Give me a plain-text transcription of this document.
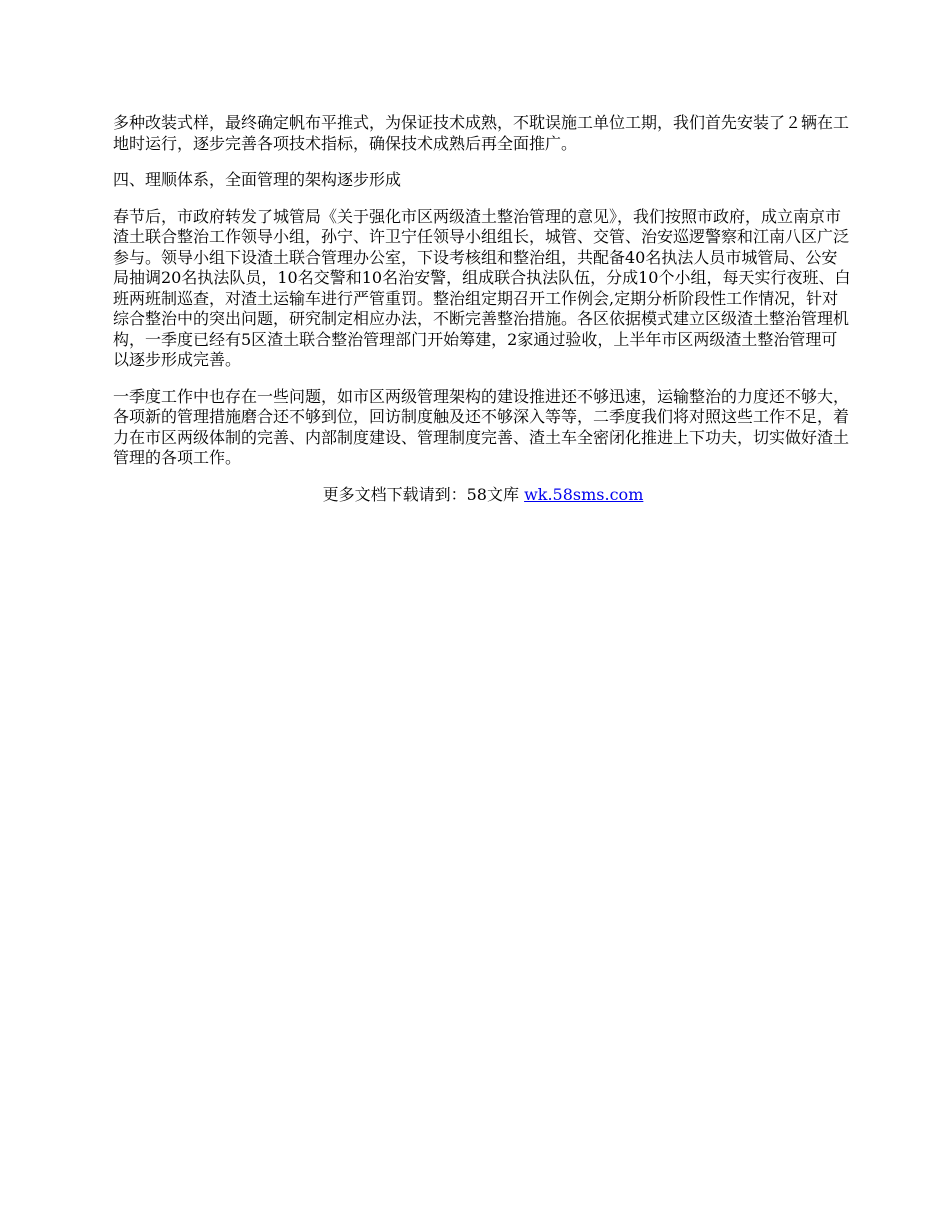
多种改装式样，最终确定帆布平推式，为保证技术成熟，不耽误施工单位工期，我们首先安装了２辆在工地时运行，逐步完善各项技术指标，确保技术成熟后再全面推广。

四、理顺体系，全面管理的架构逐步形成

春节后，市政府转发了城管局《关于强化市区两级渣土整治管理的意见》，我们按照市政府，成立南京市渣土联合整治工作领导小组，孙宁、许卫宁任领导小组组长，城管、交管、治安巡逻警察和江南八区广泛参与。领导小组下设渣土联合管理办公室，下设考核组和整治组，共配备40名执法人员市城管局、公安局抽调20名执法队员，10名交警和10名治安警，组成联合执法队伍，分成10个小组，每天实行夜班、白班两班制巡查，对渣土运输车进行严管重罚。整治组定期召开工作例会,定期分析阶段性工作情况，针对综合整治中的突出问题，研究制定相应办法，不断完善整治措施。各区依据模式建立区级渣土整治管理机构，一季度已经有5区渣土联合整治管理部门开始筹建，2家通过验收，上半年市区两级渣土整治管理可以逐步形成完善。

一季度工作中也存在一些问题，如市区两级管理架构的建设推进还不够迅速，运输整治的力度还不够大，各项新的管理措施磨合还不够到位，回访制度触及还不够深入等等，二季度我们将对照这些工作不足，着力在市区两级体制的完善、内部制度建设、管理制度完善、渣土车全密闭化推进上下功夫，切实做好渣土管理的各项工作。

更多文档下载请到：58文库 wk.58sms.com
